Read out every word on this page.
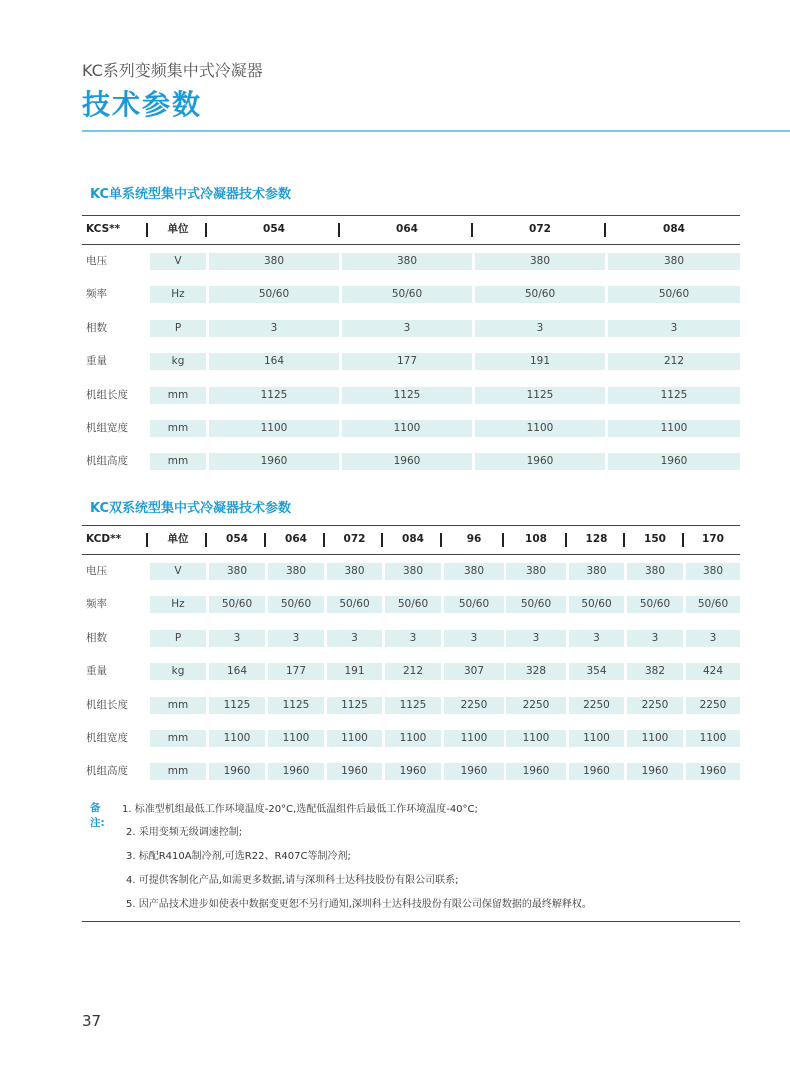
KC系列变频集中式冷凝器
技术参数
KC单系统型集中式冷凝器技术参数
KCS**	单位	054	064	072	084
电压	V	380	380	380	380
频率	Hz	50/60	50/60	50/60	50/60
相数	P	3	3	3	3
重量	kg	164	177	191	212
机组长度	mm	1125	1125	1125	1125
机组宽度	mm	1100	1100	1100	1100
机组高度	mm	1960	1960	1960	1960
KC双系统型集中式冷凝器技术参数
KCD**	单位	054	064	072	084	96	108	128	150	170
电压	V	380	380	380	380	380	380	380	380	380
频率	Hz	50/60	50/60	50/60	50/60	50/60	50/60	50/60	50/60	50/60
相数	P	3	3	3	3	3	3	3	3	3
重量	kg	164	177	191	212	307	328	354	382	424
机组长度	mm	1125	1125	1125	1125	2250	2250	2250	2250	2250
机组宽度	mm	1100	1100	1100	1100	1100	1100	1100	1100	1100
机组高度	mm	1960	1960	1960	1960	1960	1960	1960	1960	1960
备注:
1. 标准型机组最低工作环境温度-20°C,选配低温组件后最低工作环境温度-40°C;
2. 采用变频无级调速控制;
3. 标配R410A制冷剂,可选R22、R407C等制冷剂;
4. 可提供客制化产品,如需更多数据,请与深圳科士达科技股份有限公司联系;
5. 因产品技术进步如使表中数据变更恕不另行通知,深圳科士达科技股份有限公司保留数据的最终解释权。
37
